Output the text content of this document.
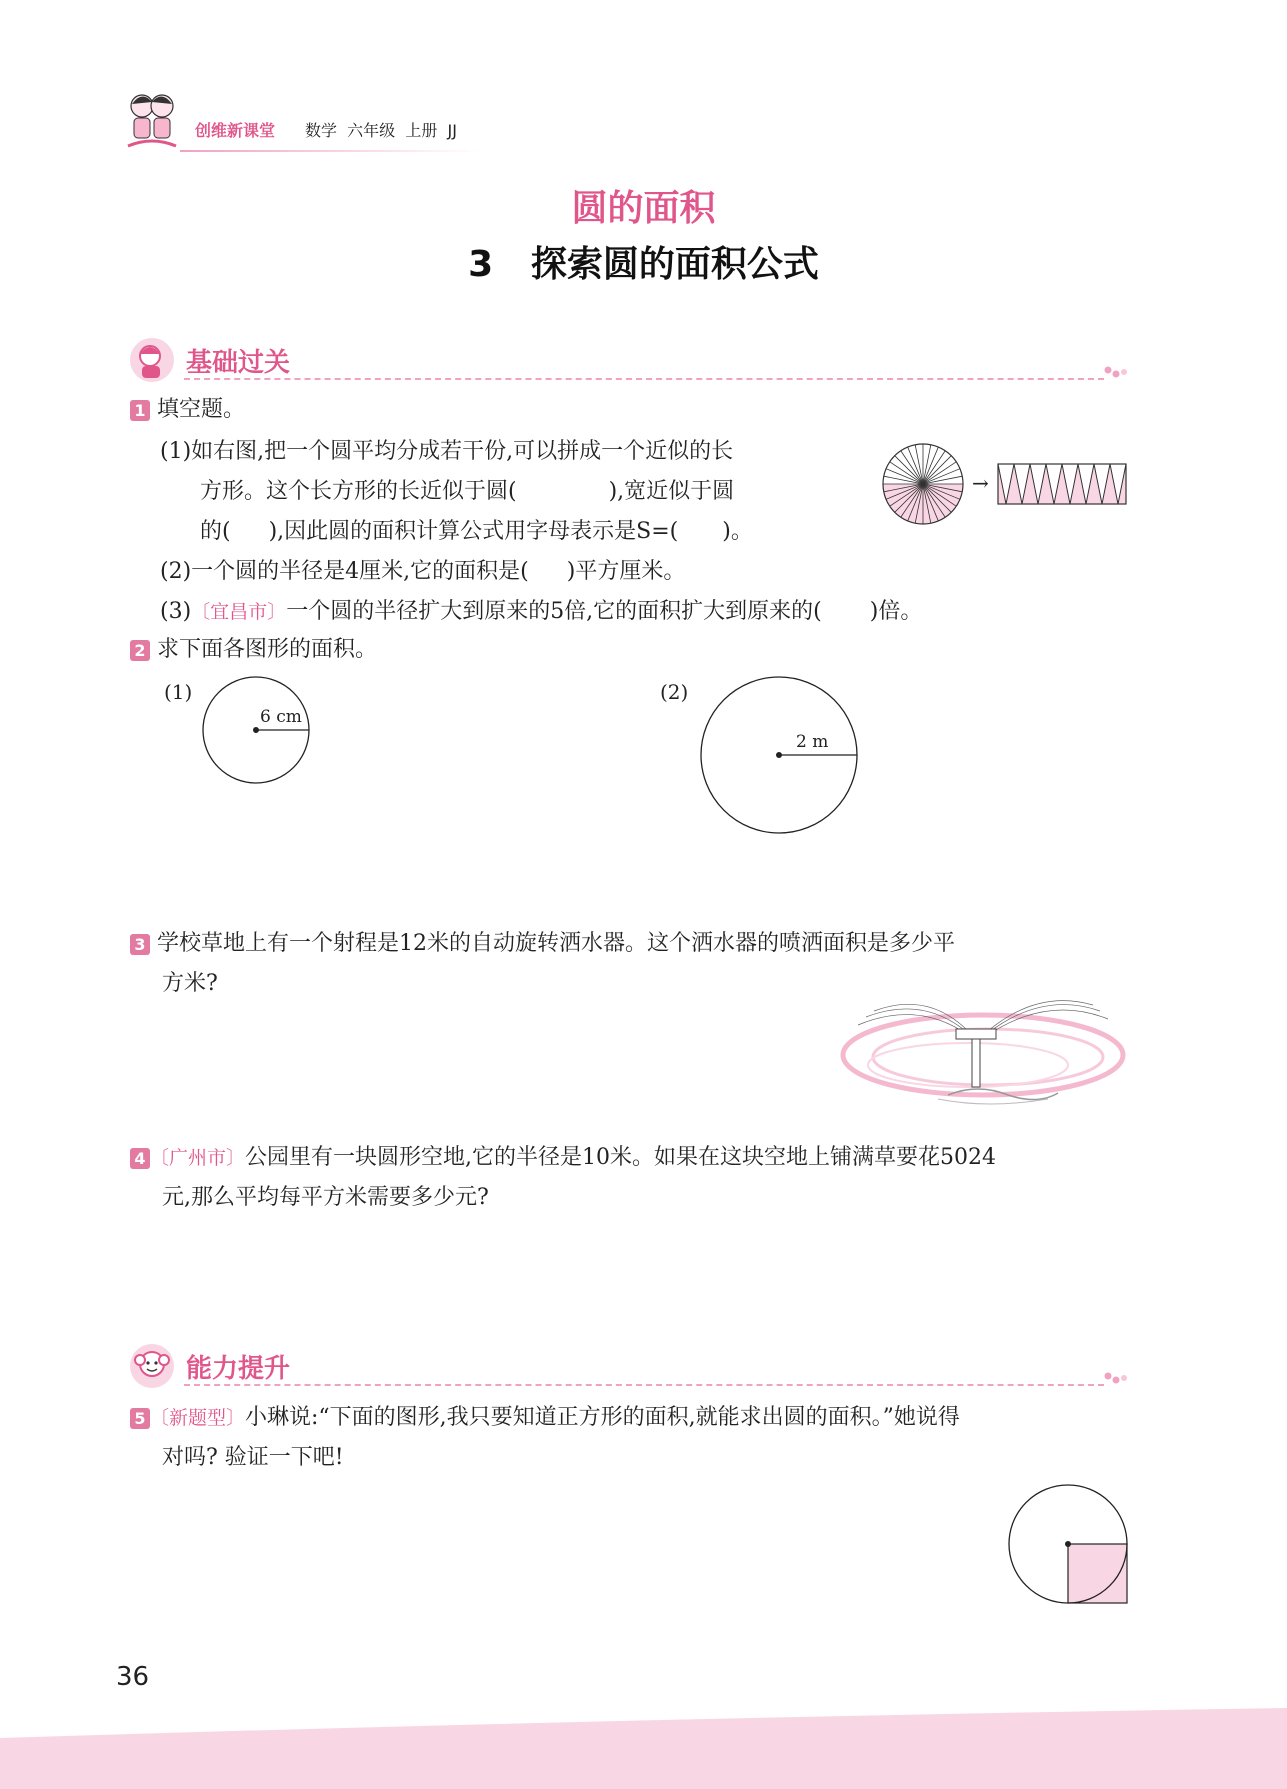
创维新课堂 数学  六年级  上册  JJ
圆的面积
3   探索圆的面积公式
基础过关
1 填空题。
(1)如右图,把一个圆平均分成若干份,可以拼成一个近似的长
方形。这个长方形的长近似于圆(	),宽近似于圆
的( ),因此圆的面积计算公式用字母表示是S=( )。
(2)一个圆的半径是4厘米,它的面积是( )平方厘米。
(3)〔宜昌市〕一个圆的半径扩大到原来的5倍,它的面积扩大到原来的( )倍。
→
2 求下面各图形的面积。
(1)
6 cm
(2)
2 m
3 学校草地上有一个射程是12米的自动旋转洒水器。这个洒水器的喷洒面积是多少平
方米?
4 〔广州市〕公园里有一块圆形空地,它的半径是10米。如果在这块空地上铺满草要花5024
元,那么平均每平方米需要多少元?
能力提升
5 〔新题型〕小琳说:“下面的图形,我只要知道正方形的面积,就能求出圆的面积。”她说得
对吗? 验证一下吧!
36
